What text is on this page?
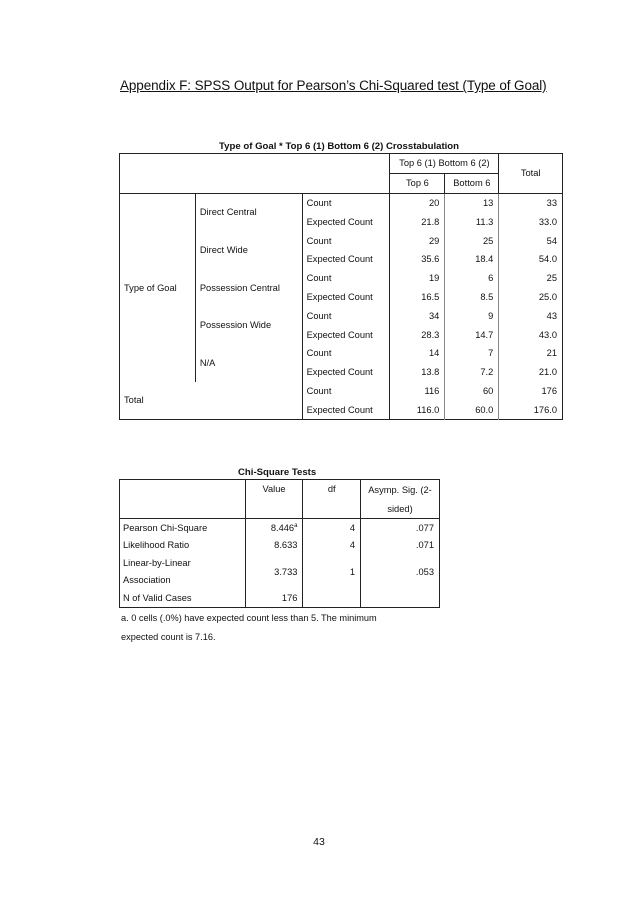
Appendix F: SPSS Output for Pearson’s Chi-Squared test (Type of Goal)
Type of Goal * Top 6 (1) Bottom 6 (2) Crosstabulation
			Top 6 (1) Bottom 6 (2)		Total
			Top 6	Bottom 6	
Type of Goal	Direct Central	Count	20	13	33
		Expected Count	21.8	11.3	33.0
	Direct Wide	Count	29	25	54
		Expected Count	35.6	18.4	54.0
	Possession Central	Count	19	6	25
		Expected Count	16.5	8.5	25.0
	Possession Wide	Count	34	9	43
		Expected Count	28.3	14.7	43.0
	N/A	Count	14	7	21
		Expected Count	13.8	7.2	21.0
Total		Count	116	60	176
		Expected Count	116.0	60.0	176.0
Chi-Square Tests
	Value	df	Asymp. Sig. (2-
			sided)
Pearson Chi-Square	8.446$^a$	4	.077
Likelihood Ratio	8.633	4	.071
Linear-by-Linear	3.733	1	.053
Association			
N of Valid Cases	176		

a. 0 cells (.0%) have expected count less than 5. The minimum
expected count is 7.16.

43
